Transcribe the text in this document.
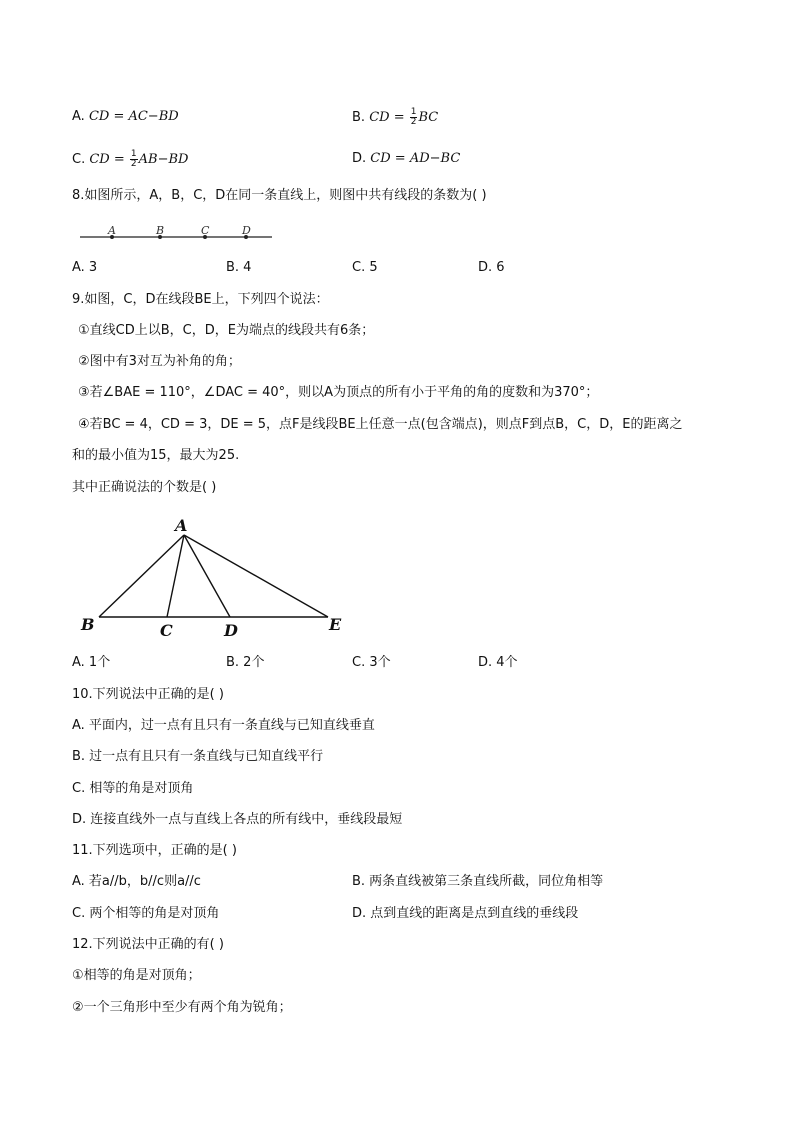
A. CD = AC−BD	B. CD = $\frac{1}{2}$ BC
C. CD = $\frac{1}{2} AB-BD$	D. CD = AD−BC
8.如图所示，A，B，C，D在同一条直线上，则图中共有线段的条数为( )
A	B	C	D
A
B	C	D	E
A. 3	B. 4	C. 5	D. 6
9.如图，C，D在线段BE上，下列四个说法：
①直线CD上以B，C，D，E为端点的线段共有6条；
②图中有3对互为补角的角；
③若∠BAE = 110°，∠DAC = 40°，则以A为顶点的所有小于平角的角的度数和为370°；
④若BC = 4，CD = 3，DE = 5，点F是线段BE上任意一点(包含端点)，则点F到点B，C，D，E的距离之
和的最小值为15，最大为25.
其中正确说法的个数是( )
A. 1个	B. 2个	C. 3个	D. 4个
10.下列说法中正确的是( )
A. 平面内，过一点有且只有一条直线与已知直线垂直
B. 过一点有且只有一条直线与已知直线平行
C. 相等的角是对顶角
D. 连接直线外一点与直线上各点的所有线中，垂线段最短
11.下列选项中，正确的是( )
A. 若a//b，b//c则a//c	B. 两条直线被第三条直线所截，同位角相等
C. 两个相等的角是对顶角	D. 点到直线的距离是点到直线的垂线段
12.下列说法中正确的有( )
①相等的角是对顶角；
②一个三角形中至少有两个角为锐角；
